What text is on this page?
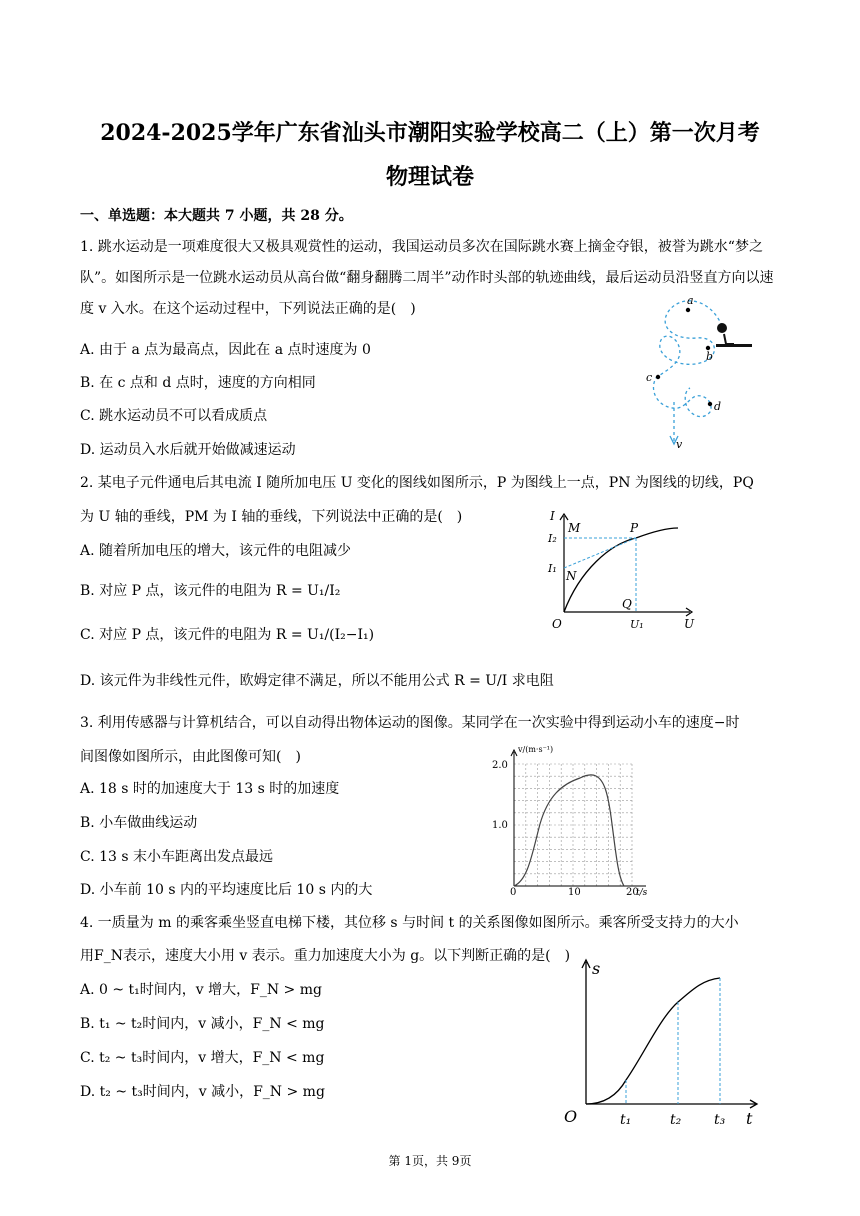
2024-2025学年广东省汕头市潮阳实验学校高二（上）第一次月考
物理试卷
一、单选题：本大题共 7 小题，共 28 分。
1. 跳水运动是一项难度很大又极具观赏性的运动，我国运动员多次在国际跳水赛上摘金夺银，被誉为跳水“梦之队”。如图所示是一位跳水运动员从高台做“翻身翻腾二周半”动作时头部的轨迹曲线，最后运动员沿竖直方向以速度 v 入水。在这个运动过程中，下列说法正确的是(　)
A. 由于 a 点为最高点，因此在 a 点时速度为 0
B. 在 c 点和 d 点时，速度的方向相同
C. 跳水运动员不可以看成质点
D. 运动员入水后就开始做减速运动
a
b
c
d
v
2. 某电子元件通电后其电流 I 随所加电压 U 变化的图线如图所示，P 为图线上一点，PN 为图线的切线，PQ
为 U 轴的垂线，PM 为 I 轴的垂线，下列说法中正确的是(　)
A. 随着所加电压的增大，该元件的电阻减少
B. 对应 P 点，该元件的电阻为 R = U₁/I₂
C. 对应 P 点，该元件的电阻为 R = U₁/(I₂−I₁)
D. 该元件为非线性元件，欧姆定律不满足，所以不能用公式 R = U/I 求电阻
I
I₂
I₁
M	P
N
Q
O	U₁	U
3. 利用传感器与计算机结合，可以自动得出物体运动的图像。某同学在一次实验中得到运动小车的速度−时
间图像如图所示，由此图像可知(　)
A. 18 s 时的加速度大于 13 s 时的加速度
B. 小车做曲线运动
C. 13 s 末小车距离出发点最远
D. 小车前 10 s 内的平均速度比后 10 s 内的大
v/(m·s⁻¹)
2.0
1.0
0	10	20
t/s
4. 一质量为 m 的乘客乘坐竖直电梯下楼，其位移 s 与时间 t 的关系图像如图所示。乘客所受支持力的大小
用F_N表示，速度大小用 v 表示。重力加速度大小为 g。以下判断正确的是(　)
A. 0 ~ t₁时间内，v 增大，F_N > mg
B. t₁ ~ t₂时间内，v 减小，F_N < mg
C. t₂ ~ t₃时间内，v 增大，F_N < mg
D. t₂ ~ t₃时间内，v 减小，F_N > mg
s
O	t₁	t₂ t₃ t
第 1页，共 9页
